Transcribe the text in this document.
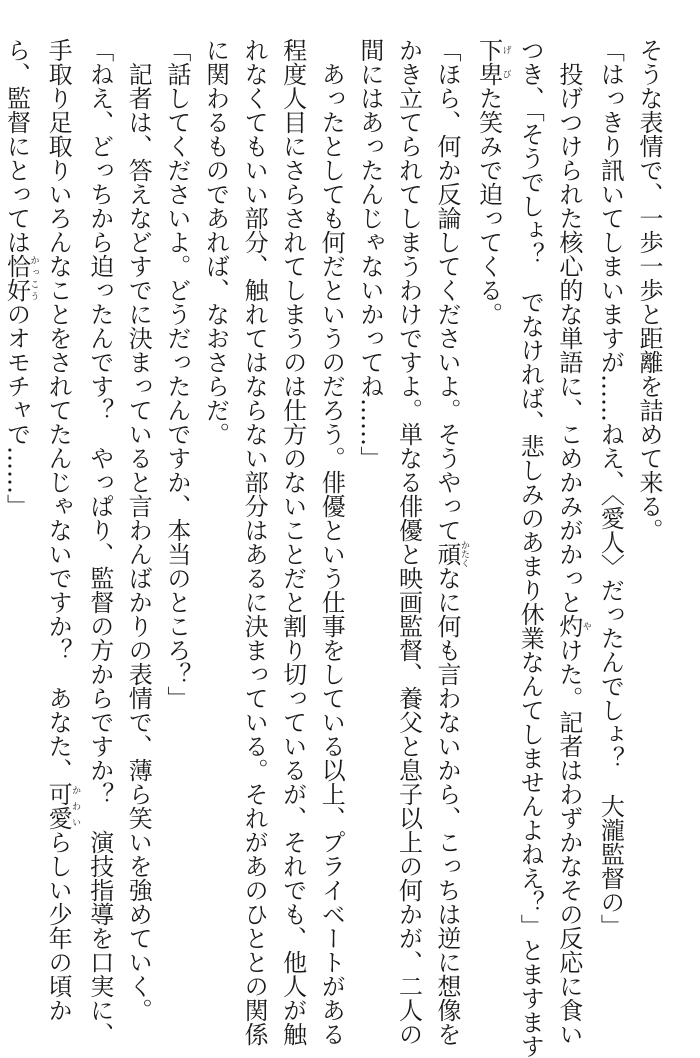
そうな表情で、一歩一歩と距離を詰めて来る。
「はっきり訊いてしまいますが……ねえ、〈愛人〉だったんでしょ？　大瀧監督の」
　投げつけられた核心的な単語に、こめかみがかっと灼やけた。記者はわずかなその反応に食い
つき、「そうでしょ？　でなければ、悲しみのあまり休業なんてしませんよねえ？」とますます
下卑げびた笑みで迫ってくる。
「ほら、何か反論してくださいよ。そうやって頑かたくなに何も言わないから、こっちは逆に想像を
かき立てられてしまうわけですよ。単なる俳優と映画監督、養父と息子以上の何かが、二人の
間にはあったんじゃないかってね……」
　あったとしても何だというのだろう。俳優という仕事をしている以上、プライベートがある
程度人目にさらされてしまうのは仕方のないことだと割り切っているが、それでも、他人が触
れなくてもいい部分、触れてはならない部分はあるに決まっている。それがあのひととの関係
に関わるものであれば、なおさらだ。
「話してくださいよ。どうだったんですか、本当のところ？」
　記者は、答えなどすでに決まっていると言わんばかりの表情で、薄ら笑いを強めていく。
「ねえ、どっちから迫ったんです？　やっぱり、監督の方からですか？　演技指導を口実に、
手取り足取りいろんなことをされてたんじゃないですか？　あなた、可愛かわいらしい少年の頃か
ら、監督にとっては恰好かっこうのオモチャで……」
